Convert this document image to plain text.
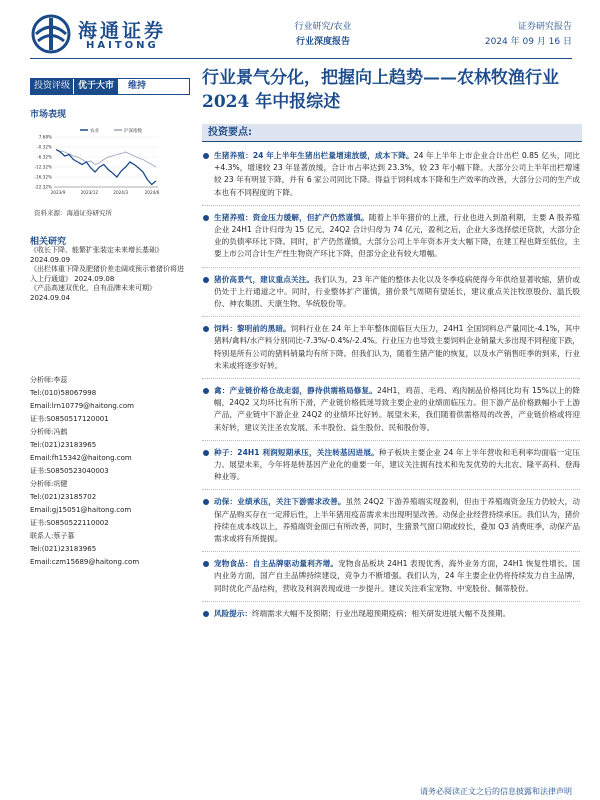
海通证券
HAITONG
行业研究/农业
行业深度报告
证券研究报告
2024 年 09 月 16 日
投资评级 优于大市	维持	行业景气分化，把握向上趋势——农林牧渔行业 2024 年中报综述
市场表现
农业	沪深指数
7.68%
-0.32%
-6.32%
-12.32%
-16.32%
-22.32%
2023/9	2023/12	2024/3	2024/6
资料来源：海通证券研究所
相关研究
《收长下降，能繁扩张装定未来增长基础》 2024.09.09
《出栏体重下降及肥猪价差走阔或预示着猪价将进入上行通道》 2024.09.08
《产品高速双优化，自有品牌未来可期》 2024.09.04
分析师:李蕊
Tel:(010)58067998
Email:lrn10779@haitong.com
证书:S0850517120001
分析师:冯鹤
Tel:(021)23183965
Email:fh15342@haitong.com
证书:S0850523040003
分析师:巩健
Tel:(021)23185702
Email:gj15051@haitong.com
证书:S0850522110002
联系人:蔡子慕
Tel:(021)23183965
Email:czm15689@haitong.com
投资要点:
生猪养殖：24 年上半年生猪出栏量增速放缓，成本下降。24 年上半年上市企业合计出栏 0.85 亿头，同比+4.3%，增速较 23 年显著放缓，合计市占率达到 23.3%，较 23 年小幅下降。大部分公司上半年出栏增速较 23 年有明显下降，并有 6 家公司同比下降。得益于饲料成本下降和生产效率的改善，大部分公司的生产成本也有不同程度的下降。
生猪养殖：资金压力缓解，但扩产仍然谨慎。随着上半年猪价的上涨，行业也进入到盈利期，主要 A 股养殖企业 24H1 合计归母为 15 亿元，24Q2 合计归母为 74 亿元，盈利之后，企业大多选择偿还贷款，大部分企业的负债率环比下降。同时，扩产仍然谨慎，大部分公司上半年资本开支大幅下降，在建工程也降至低位，主要上市公司合计生产性生物资产环比下降，但部分企业有较大增幅。
猪价高景气，建议重点关注。我们认为，23 年产能的整体去化以及冬季疫病使得今年供给显著收缩，猪价或仍处于上行通道之中。同时，行业整体扩产谨慎，猪价景气周期有望延长，建议重点关注牧原股份、温氏股份、神农集团、天康生物、华统股份等。
饲料：黎明前的黑暗。饲料行业在 24 年上半年整体面临巨大压力，24H1 全国饲料总产量同比-4.1%，其中猪料/禽料/水产料分别同比-7.3%/-0.4%/-2.4%。行业压力也导致主要饲料企业销量大多出现不同程度下跌，特别是所有公司的猪料销量均有所下降。但我们认为，随着生猪产能的恢复，以及水产销售旺季的到来，行业未来或将逐步好转。
禽：产业链价格仓战走弱，静待供需格局修复。24H1，鸡苗、毛鸡、鸡肉制品价格同比均有 15%以上的降幅，24Q2 又均环比有所下滑，产业链价格低迷导致主要企业的业绩面临压力。但下游产品价格跌幅小于上游产品，产业链中下游企业 24Q2 的业绩环比好转。展望未来，我们随着供需格局的改善，产业链价格或将迎来好转，建议关注圣农发展、禾丰股份、益生股份、民和股份等。
种子：24H1 利润短期承压，关注转基因进展。种子板块主要企业 24 年上半年营收和毛利率均面临一定压力。展望未来，今年将是转基因产业化的重要一年，建议关注拥有技术和先发优势的大北农、隆平高科、登海种业等。
动保：业绩承压，关注下游需求改善。虽然 24Q2 下游养殖端实现盈利，但由于养殖端资金压力仍较大，动保产品购买存在一定滞后性，上半年猪用疫苗需求未出现明显改善。动保企业经营持续承压。我们认为，猪价持续在成本线以上，养殖端资金面已有所改善，同时，生猪景气窗口期或较长，叠加 Q3 消费旺季，动保产品需求或将有所提振。
宠物食品：自主品牌驱动量利齐增。宠物食品板块 24H1 表现优秀，海外业务方面，24H1 恢复性增长。国内业务方面，国产自主品牌持续建设，竞争力不断增强。我们认为，24 年主要企业仍将持续发力自主品牌，同时优化产品结构，营收及利润表现或进一步提升。建议关注乖宝宠物、中宠股份、佩蒂股份。
风险提示：终端需求大幅不及预期；行业出现超预期疫病；相关研发进展大幅不及预期。
请务必阅读正文之后的信息披露和法律声明
